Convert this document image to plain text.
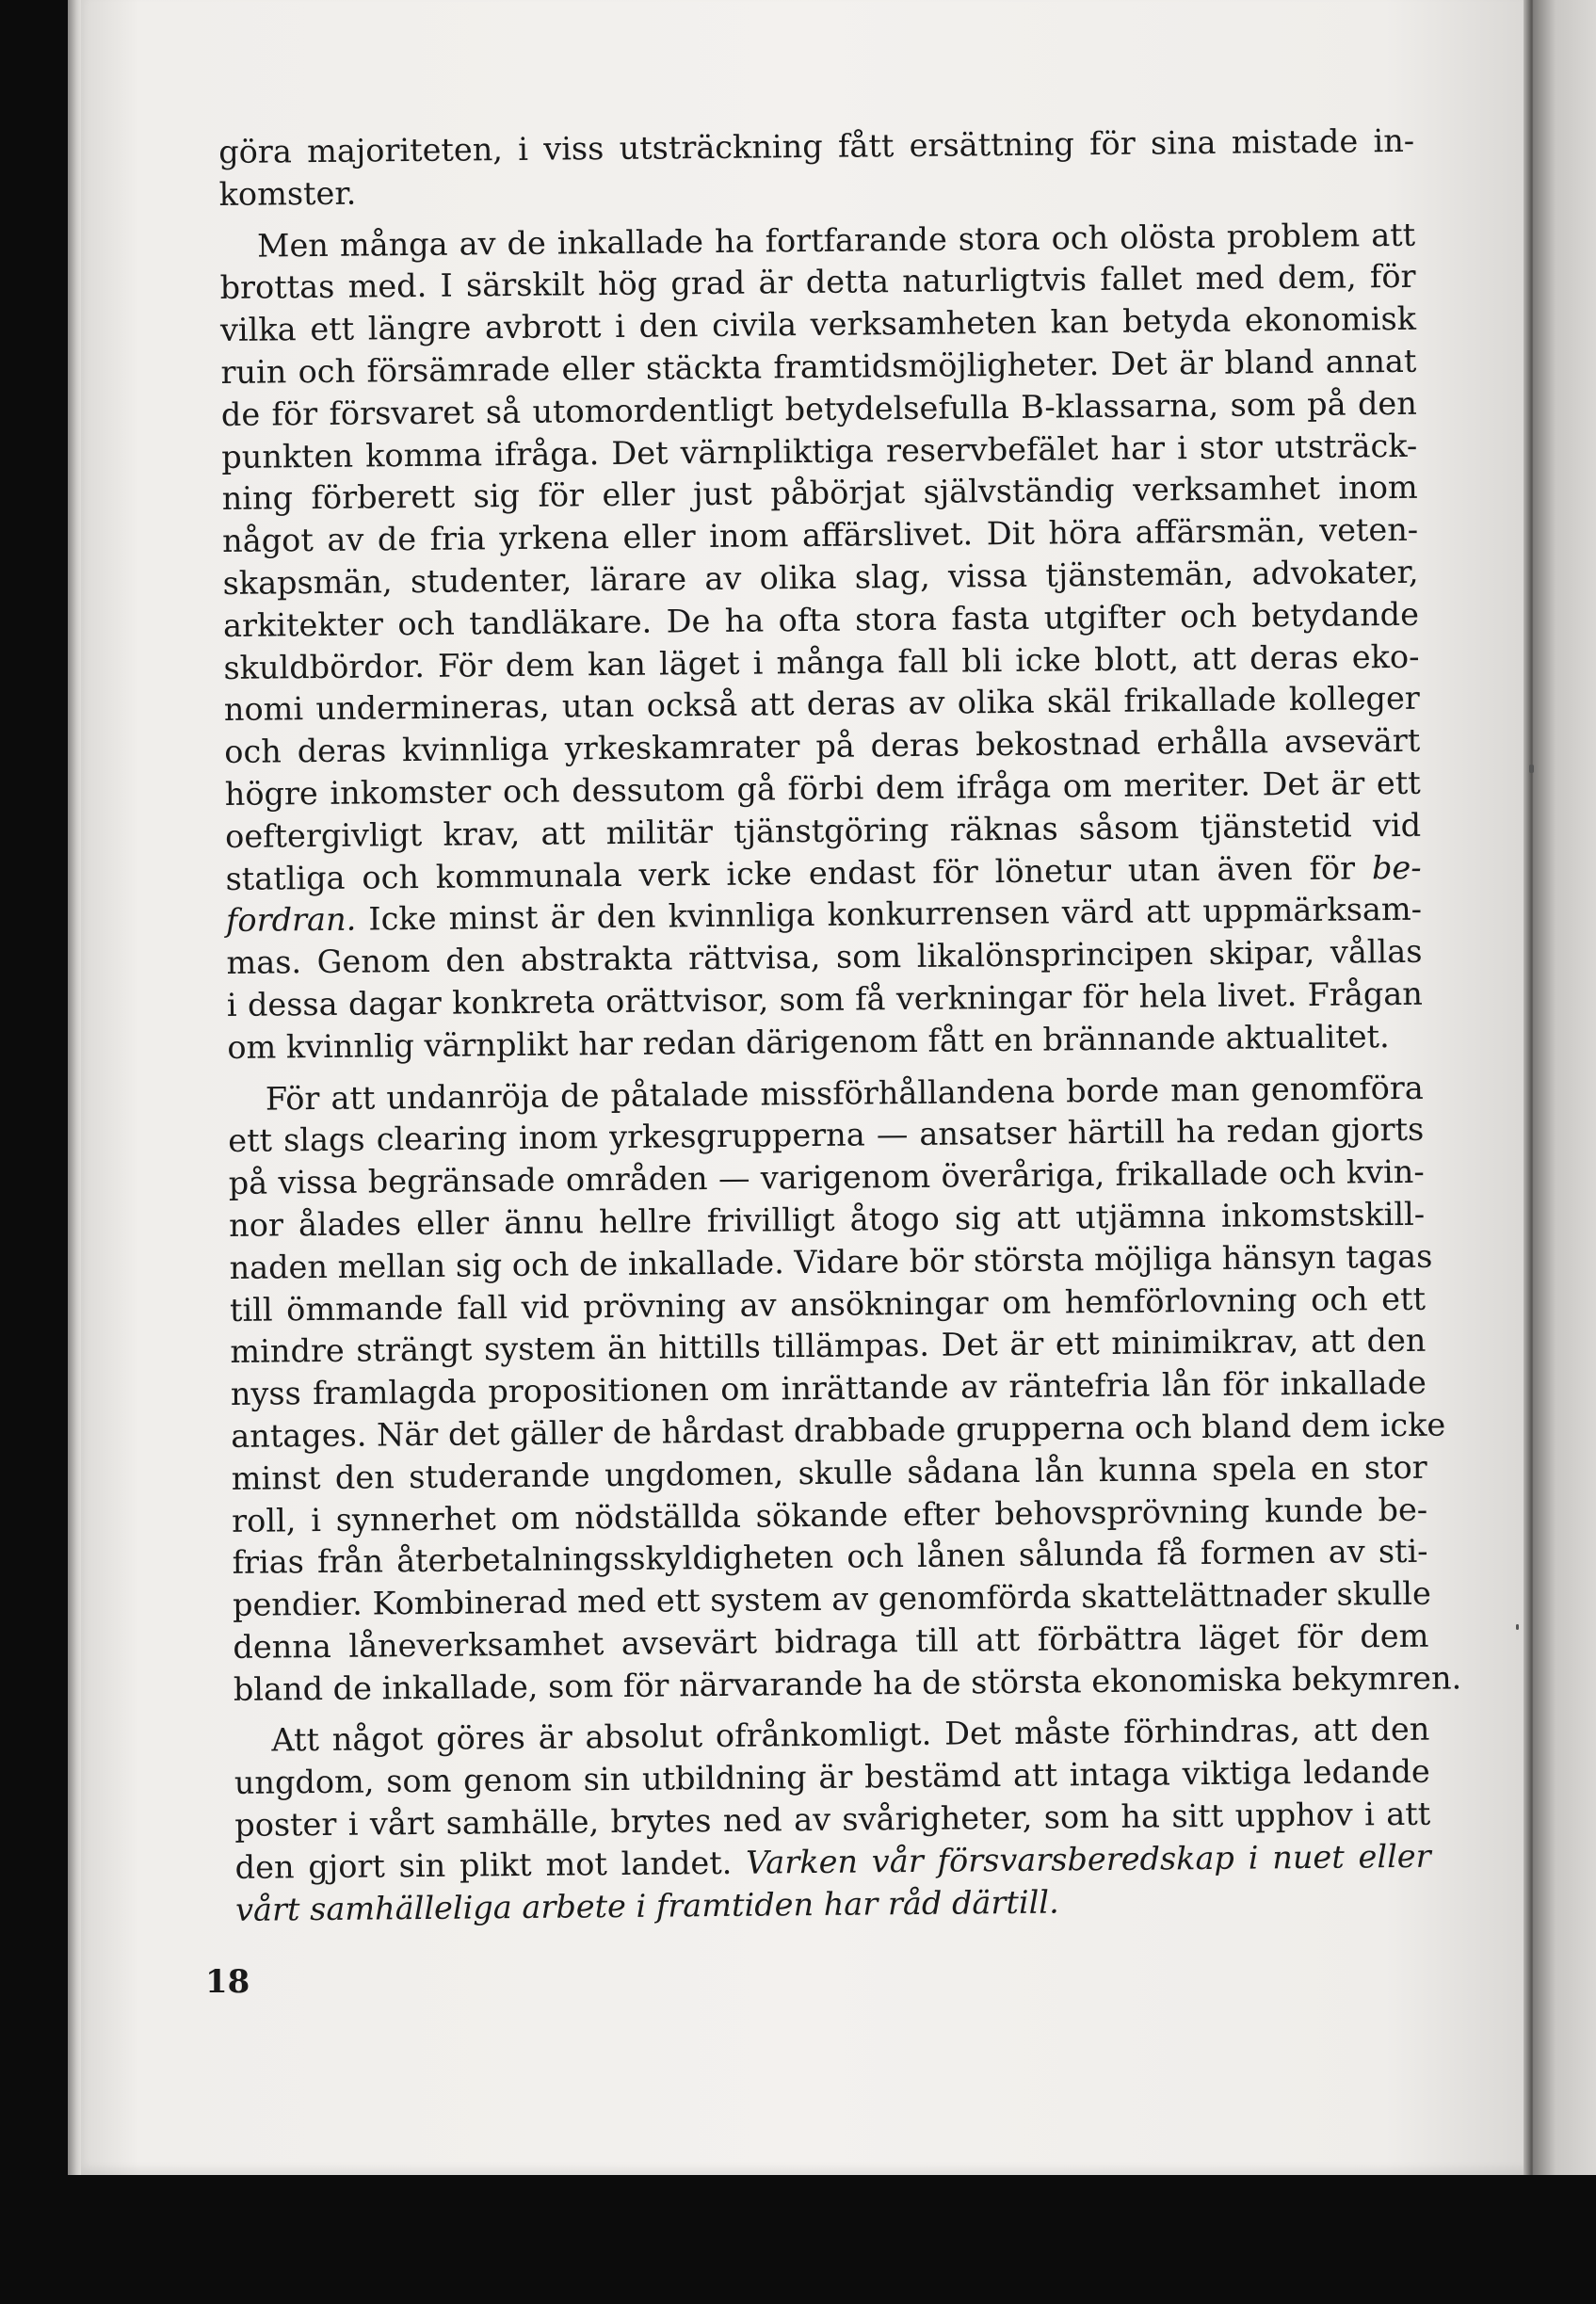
göra majoriteten, i viss utsträckning fått ersättning för sina mistade in-
komster.
Men många av de inkallade ha fortfarande stora och olösta problem att
brottas med. I särskilt hög grad är detta naturligtvis fallet med dem, för
vilka ett längre avbrott i den civila verksamheten kan betyda ekonomisk
ruin och försämrade eller stäckta framtidsmöjligheter. Det är bland annat
de för försvaret så utomordentligt betydelsefulla B-klassarna, som på den
punkten komma ifråga. Det värnpliktiga reservbefälet har i stor utsträck-
ning förberett sig för eller just påbörjat självständig verksamhet inom
något av de fria yrkena eller inom affärslivet. Dit höra affärsmän, veten-
skapsmän, studenter, lärare av olika slag, vissa tjänstemän, advokater,
arkitekter och tandläkare. De ha ofta stora fasta utgifter och betydande
skuldbördor. För dem kan läget i många fall bli icke blott, att deras eko-
nomi undermineras, utan också att deras av olika skäl frikallade kolleger
och deras kvinnliga yrkeskamrater på deras bekostnad erhålla avsevärt
högre inkomster och dessutom gå förbi dem ifråga om meriter. Det är ett
oeftergivligt krav, att militär tjänstgöring räknas såsom tjänstetid vid
statliga och kommunala verk icke endast för lönetur utan även för be-
fordran. Icke minst är den kvinnliga konkurrensen värd att uppmärksam-
mas. Genom den abstrakta rättvisa, som likalönsprincipen skipar, vållas
i dessa dagar konkreta orättvisor, som få verkningar för hela livet. Frågan
om kvinnlig värnplikt har redan därigenom fått en brännande aktualitet.
För att undanröja de påtalade missförhållandena borde man genomföra
ett slags clearing inom yrkesgrupperna — ansatser härtill ha redan gjorts
på vissa begränsade områden — varigenom överåriga, frikallade och kvin-
nor ålades eller ännu hellre frivilligt åtogo sig att utjämna inkomstskill-
naden mellan sig och de inkallade. Vidare bör största möjliga hänsyn tagas
till ömmande fall vid prövning av ansökningar om hemförlovning och ett
mindre strängt system än hittills tillämpas. Det är ett minimikrav, att den
nyss framlagda propositionen om inrättande av räntefria lån för inkallade
antages. När det gäller de hårdast drabbade grupperna och bland dem icke
minst den studerande ungdomen, skulle sådana lån kunna spela en stor
roll, i synnerhet om nödställda sökande efter behovsprövning kunde be-
frias från återbetalningsskyldigheten och lånen sålunda få formen av sti-
pendier. Kombinerad med ett system av genomförda skattelättnader skulle
denna låneverksamhet avsevärt bidraga till att förbättra läget för dem
bland de inkallade, som för närvarande ha de största ekonomiska bekymren.
Att något göres är absolut ofrånkomligt. Det måste förhindras, att den
ungdom, som genom sin utbildning är bestämd att intaga viktiga ledande
poster i vårt samhälle, brytes ned av svårigheter, som ha sitt upphov i att
den gjort sin plikt mot landet. Varken vår försvarsberedskap i nuet eller
vårt samhälleliga arbete i framtiden har råd därtill.
18
